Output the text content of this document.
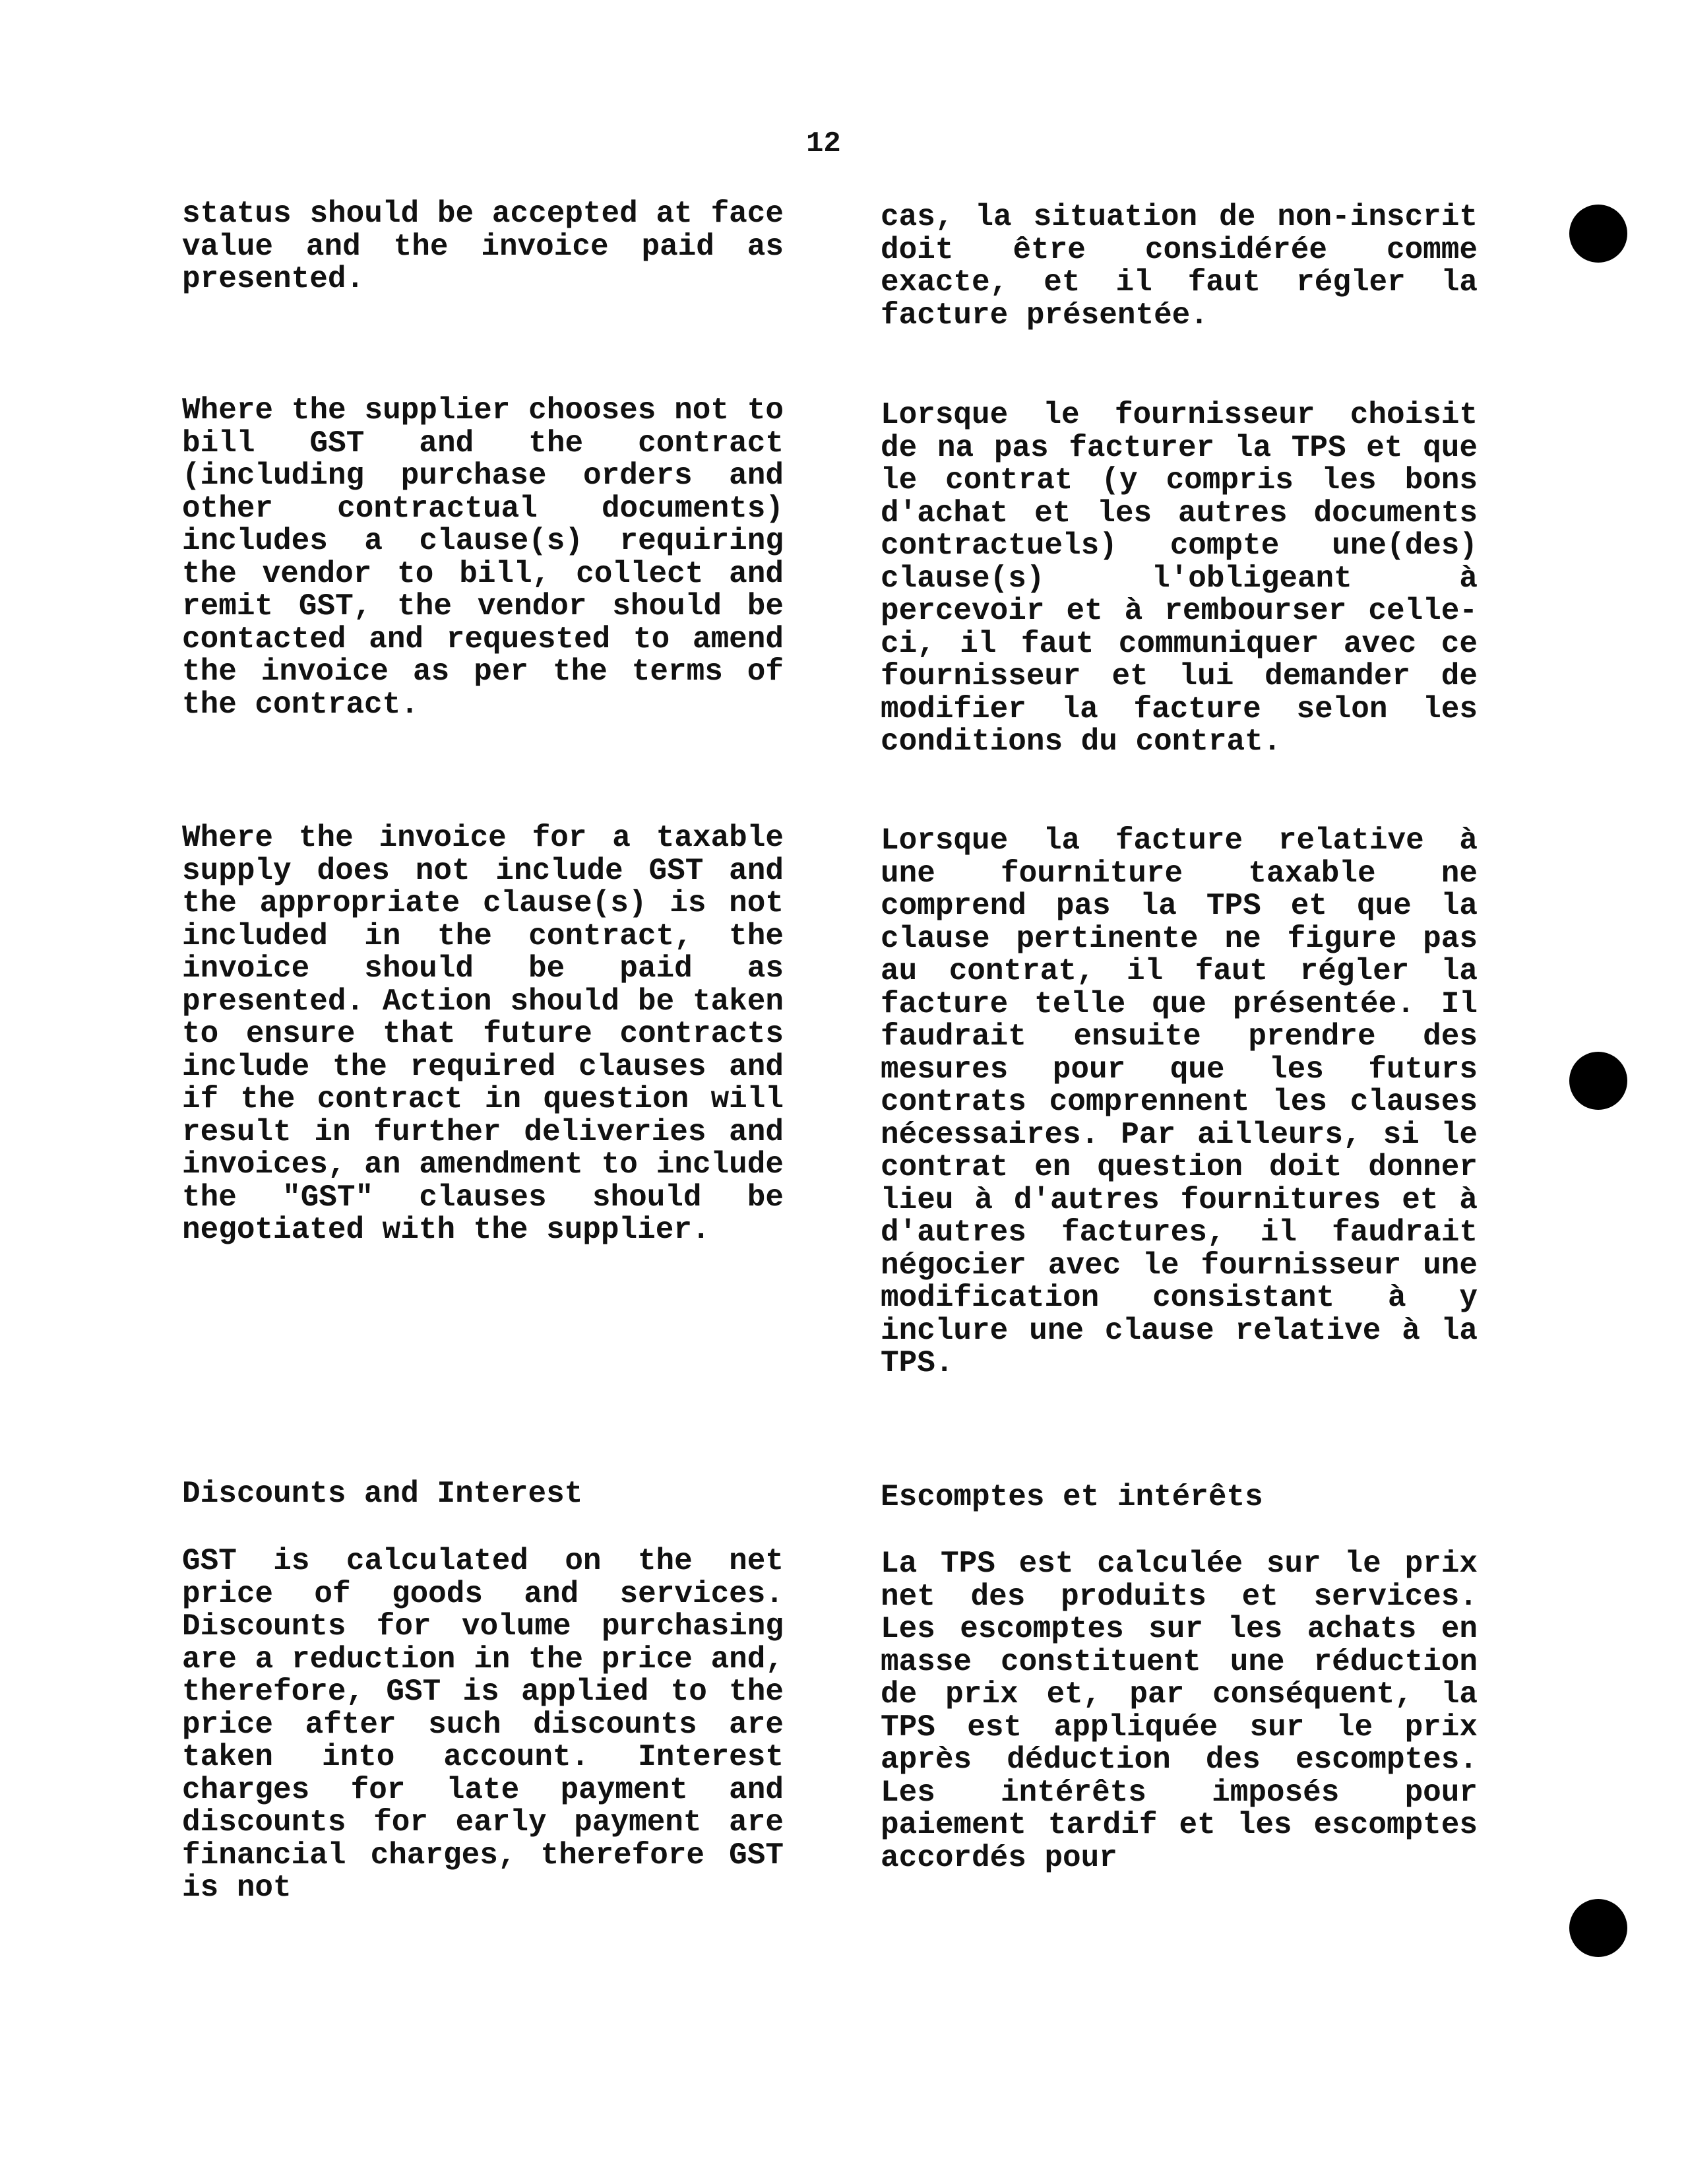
12

status should be accepted at face value and the invoice paid as presented.

Where the supplier chooses not to bill GST and the contract (including purchase orders and other contractual documents) includes a clause(s) requiring the vendor to bill, collect and remit GST, the vendor should be contacted and requested to amend the invoice as per the terms of the contract.

Where the invoice for a taxable supply does not include GST and the appropriate clause(s) is not included in the contract, the invoice should be paid as presented. Action should be taken to ensure that future contracts include the required clauses and if the contract in question will result in further deliveries and invoices, an amendment to include the "GST" clauses should be negotiated with the supplier.

Discounts and Interest

GST is calculated on the net price of goods and services. Discounts for volume purchasing are a reduction in the price and, therefore, GST is applied to the price after such discounts are taken into account. Interest charges for late payment and discounts for early payment are financial charges, therefore GST is not

cas, la situation de non-inscrit doit être considérée comme exacte, et il faut régler la facture présentée.

Lorsque le fournisseur choisit de na pas facturer la TPS et que le contrat (y compris les bons d'achat et les autres documents contractuels) compte une(des) clause(s) l'obligeant à percevoir et à rembourser celle-ci, il faut communiquer avec ce fournisseur et lui demander de modifier la facture selon les conditions du contrat.

Lorsque la facture relative à une fourniture taxable ne comprend pas la TPS et que la clause pertinente ne figure pas au contrat, il faut régler la facture telle que présentée. Il faudrait ensuite prendre des mesures pour que les futurs contrats comprennent les clauses nécessaires. Par ailleurs, si le contrat en question doit donner lieu à d'autres fournitures et à d'autres factures, il faudrait négocier avec le fournisseur une modification consistant à y inclure une clause relative à la TPS.

Escomptes et intérêts

La TPS est calculée sur le prix net des produits et services. Les escomptes sur les achats en masse constituent une réduction de prix et, par conséquent, la TPS est appliquée sur le prix après déduction des escomptes. Les intérêts imposés pour paiement tardif et les escomptes accordés pour
